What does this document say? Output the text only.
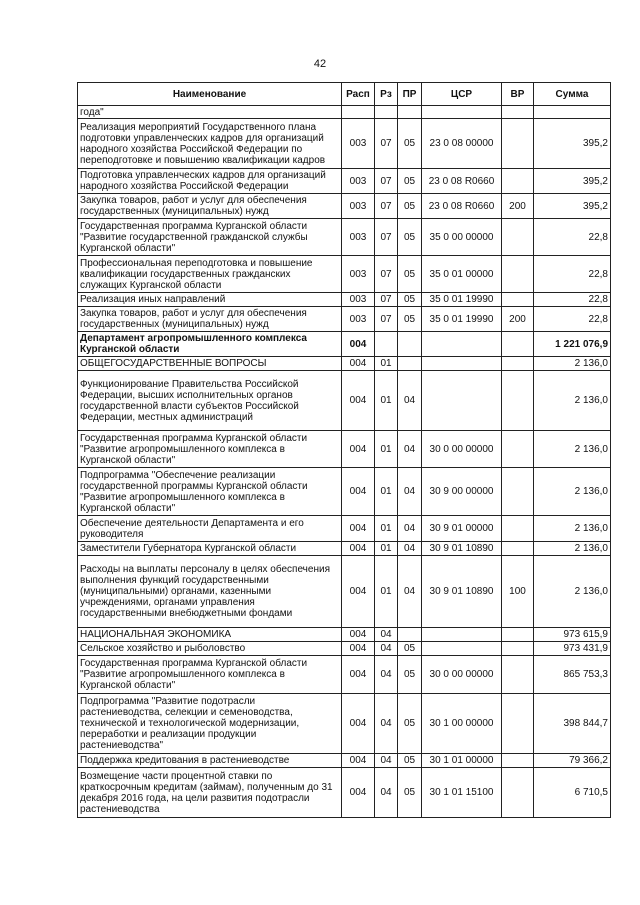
42
Наименование	Расп	Рз	ПР	ЦСР	ВР	Сумма
года"						
Реализация мероприятий Государственного плана подготовки управленческих кадров для организаций народного хозяйства Российской Федерации по переподготовке и повышению квалификации кадров	003	07	05	23 0 08 00000		395,2
Подготовка управленческих кадров для организаций народного хозяйства Российской Федерации	003	07	05	23 0 08 R0660		395,2
Закупка товаров, работ и услуг для обеспечения государственных (муниципальных) нужд	003	07	05	23 0 08 R0660	200	395,2
Государственная программа Курганской области "Развитие государственной гражданской службы Курганской области"	003	07	05	35 0 00 00000		22,8
Профессиональная переподготовка и повышение квалификации государственных гражданских служащих Курганской области	003	07	05	35 0 01 00000		22,8
Реализация иных направлений	003	07	05	35 0 01 19990		22,8
Закупка товаров, работ и услуг для обеспечения государственных (муниципальных) нужд	003	07	05	35 0 01 19990	200	22,8
Департамент агропромышленного комплекса Курганской области	004					1 221 076,9
ОБЩЕГОСУДАРСТВЕННЫЕ ВОПРОСЫ	004	01				2 136,0
Функционирование Правительства Российской Федерации, высших исполнительных органов государственной власти субъектов Российской Федерации, местных администраций	004	01	04			2 136,0
Государственная программа Курганской области "Развитие агропромышленного комплекса в Курганской области"	004	01	04	30 0 00 00000		2 136,0
Подпрограмма "Обеспечение реализации государственной программы Курганской области "Развитие агропромышленного комплекса в Курганской области"	004	01	04	30 9 00 00000		2 136,0
Обеспечение деятельности Департамента и его руководителя	004	01	04	30 9 01 00000		2 136,0
Заместители Губернатора Курганской области	004	01	04	30 9 01 10890		2 136,0
Расходы на выплаты персоналу в целях обеспечения выполнения функций государственными (муниципальными) органами, казенными учреждениями, органами управления государственными внебюджетными фондами	004	01	04	30 9 01 10890	100	2 136,0
НАЦИОНАЛЬНАЯ ЭКОНОМИКА	004	04				973 615,9
Сельское хозяйство и рыболовство	004	04	05			973 431,9
Государственная программа Курганской области "Развитие агропромышленного комплекса в Курганской области"	004	04	05	30 0 00 00000		865 753,3
Подпрограмма "Развитие подотрасли растениеводства, селекции и семеноводства, технической и технологической модернизации, переработки и реализации продукции растениеводства"	004	04	05	30 1 00 00000		398 844,7
Поддержка кредитования в растениеводстве	004	04	05	30 1 01 00000		79 366,2
Возмещение части процентной ставки по краткосрочным кредитам (займам), полученным до 31 декабря 2016 года, на цели развития подотрасли растениеводства	004	04	05	30 1 01 15100		6 710,5
